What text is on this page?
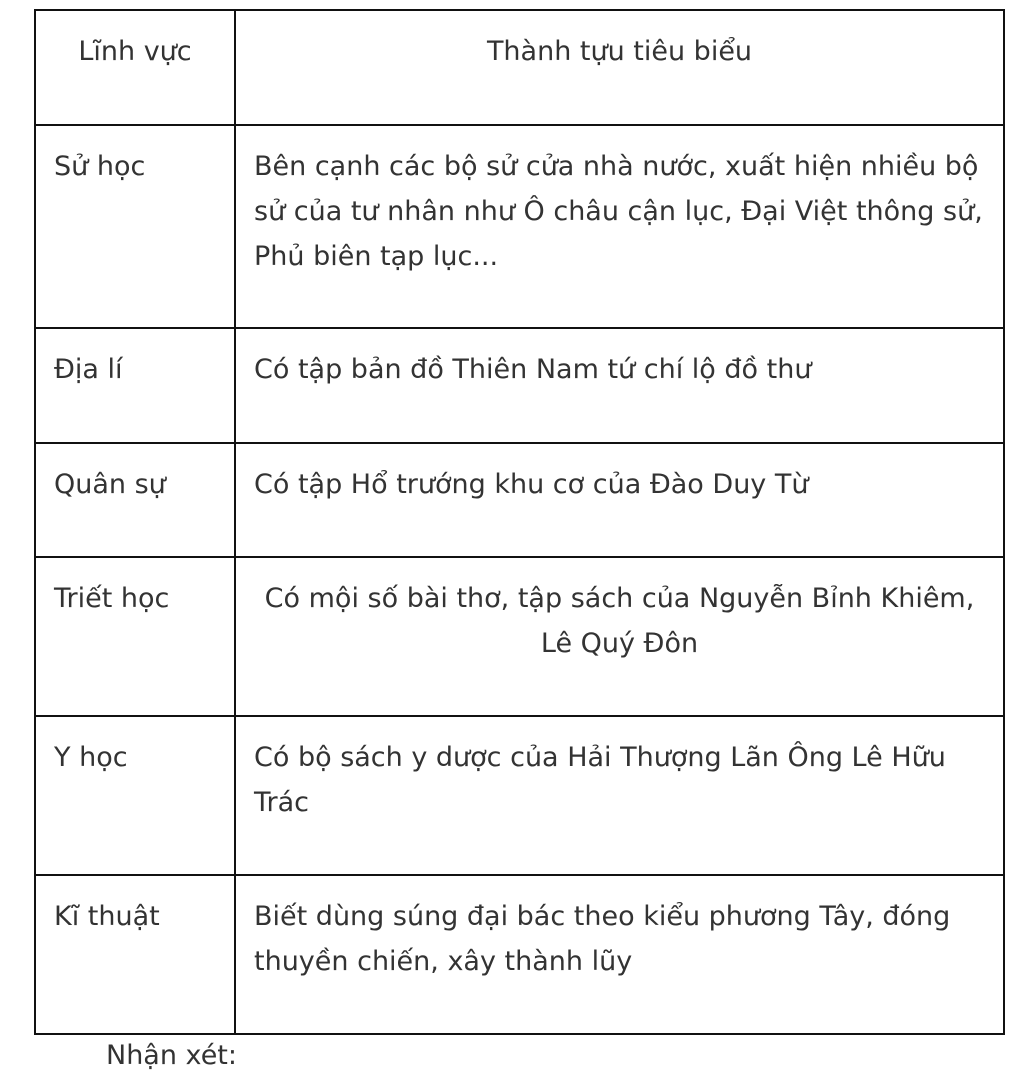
Lĩnh vực	Thành tựu tiêu biểu
Sử học	Bên cạnh các bộ sử cửa nhà nước, xuất hiện nhiều bộ sử của tư nhân như Ô châu cận lục, Đại Việt thông sử, Phủ biên tạp lục...
Địa lí	Có tập bản đồ Thiên Nam tứ chí lộ đồ thư
Quân sự	Có tập Hổ trướng khu cơ của Đào Duy Từ
Triết học	Có mội số bài thơ, tập sách của Nguyễn Bỉnh Khiêm, Lê Quý Đôn
Y học	Có bộ sách y dược của Hải Thượng Lãn Ông Lê Hữu Trác
Kĩ thuật	Biết dùng súng đại bác theo kiểu phương Tây, đóng thuyền chiến, xây thành lũy
Nhận xét:
